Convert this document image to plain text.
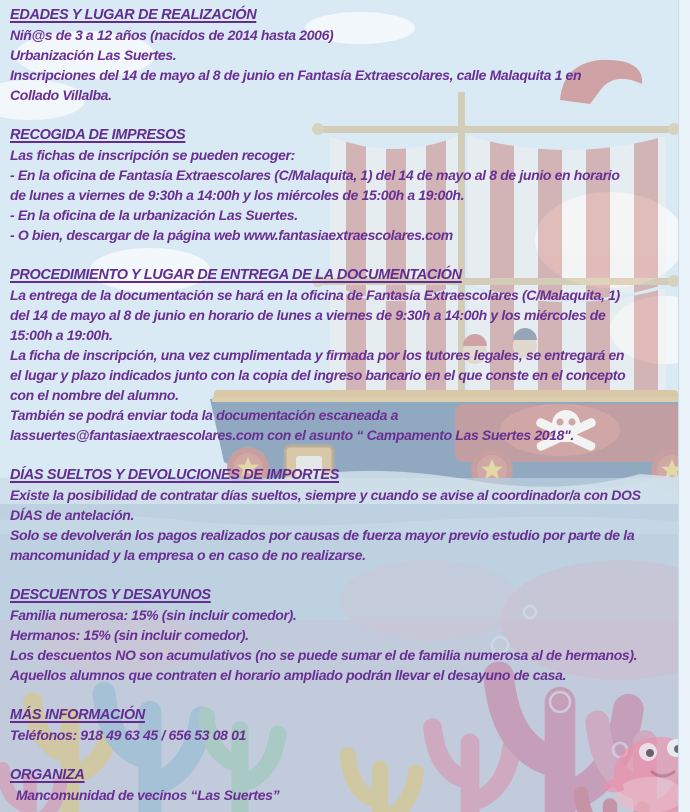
EDADES Y LUGAR DE REALIZACIÓN
Niñ@s de 3 a 12 años (nacidos de 2014 hasta 2006)
Urbanización Las Suertes.
Inscripciones del 14 de mayo al 8 de junio en Fantasía Extraescolares, calle Malaquita 1 en
Collado Villalba.
RECOGIDA DE IMPRESOS
Las fichas de inscripción se pueden recoger:
- En la oficina de Fantasía Extraescolares (C/Malaquita, 1) del 14 de mayo al 8 de junio en horario
de lunes a viernes de 9:30h a 14:00h y los miércoles de 15:00h a 19:00h.
- En la oficina de la urbanización Las Suertes.
- O bien, descargar de la página web www.fantasiaextraescolares.com
PROCEDIMIENTO Y LUGAR DE ENTREGA DE LA DOCUMENTACIÓN
La entrega de la documentación se hará en la oficina de Fantasía Extraescolares (C/Malaquita, 1)
del 14 de mayo al 8 de junio en horario de lunes a viernes de 9:30h a 14:00h y los miércoles de
15:00h a 19:00h.
La ficha de inscripción, una vez cumplimentada y firmada por los tutores legales, se entregará en
el lugar y plazo indicados junto con la copia del ingreso bancario en el que conste en el concepto
con el nombre del alumno.
También se podrá enviar toda la documentación escaneada a
lassuertes@fantasiaextraescolares.com con el asunto “ Campamento Las Suertes 2018".
DÍAS SUELTOS Y DEVOLUCIONES DE IMPORTES
Existe la posibilidad de contratar días sueltos, siempre y cuando se avise al coordinador/a con DOS
DÍAS de antelación.
Solo se devolverán los pagos realizados por causas de fuerza mayor previo estudio por parte de la
mancomunidad y la empresa o en caso de no realizarse.
DESCUENTOS Y DESAYUNOS
Familia numerosa: 15% (sin incluir comedor).
Hermanos: 15% (sin incluir comedor).
Los descuentos NO son acumulativos (no se puede sumar el de familia numerosa al de hermanos).
Aquellos alumnos que contraten el horario ampliado podrán llevar el desayuno de casa.
MÁS INFORMACIÓN
Teléfonos: 918 49 63 45 / 656 53 08 01
ORGANIZA
Mancomunidad de vecinos “Las Suertes”
